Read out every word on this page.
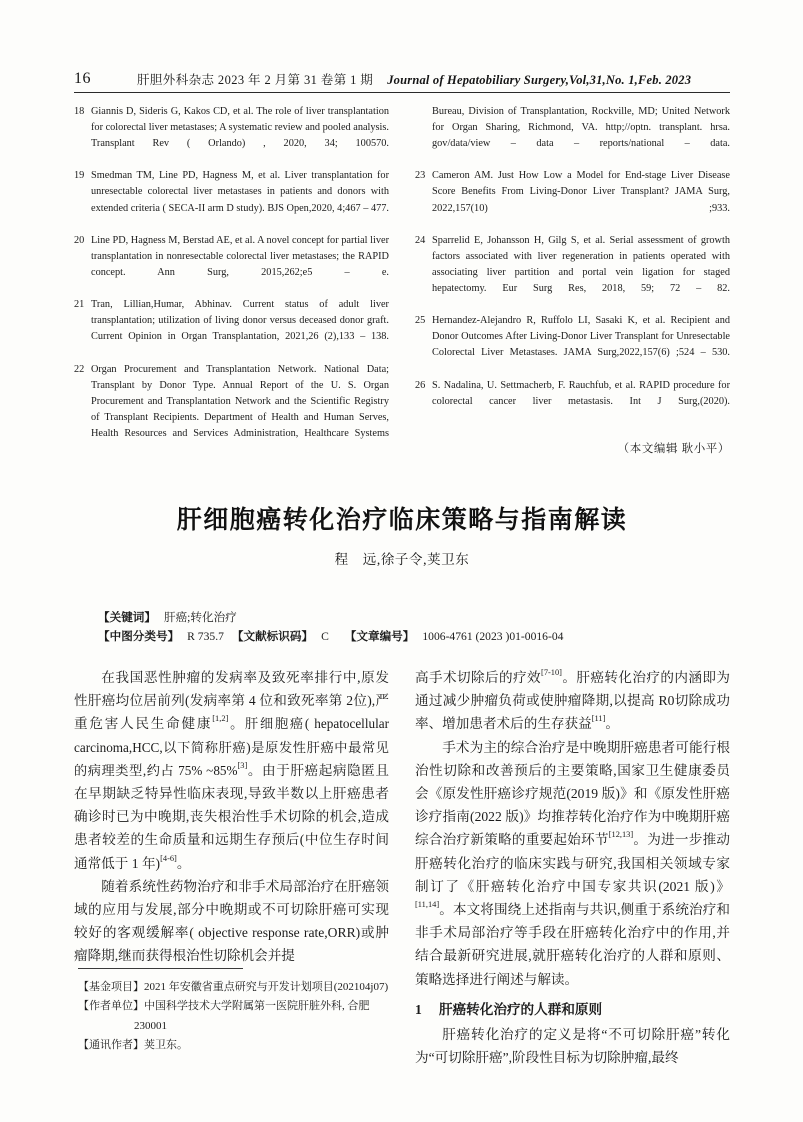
16	肝胆外科杂志 2023 年 2 月第 31 卷第 1 期 Journal of Hepatobiliary Surgery,Vol,31,No. 1,Feb. 2023
18 Giannis D, Sideris G, Kakos CD, et al. The role of liver transplantation for colorectal liver metastases; A systematic review and pooled analysis. Transplant Rev ( Orlando) , 2020, 34; 100570.
19 Smedman TM, Line PD, Hagness M, et al. Liver transplantation for unresectable colorectal liver metastases in patients and donors with extended criteria ( SECA-II arm D study). BJS Open,2020, 4;467 – 477.
20 Line PD, Hagness M, Berstad AE, et al. A novel concept for partial liver transplantation in nonresectable colorectal liver metastases; the RAPID concept. Ann Surg, 2015,262;e5 – e.
21 Tran, Lillian,Humar, Abhinav. Current status of adult liver transplantation; utilization of living donor versus deceased donor graft. Current Opinion in Organ Transplantation, 2021,26 (2),133 – 138.
22 Organ Procurement and Transplantation Network. National Data; Transplant by Donor Type. Annual Report of the U. S. Organ Procurement and Transplantation Network and the Scientific Registry of Transplant Recipients. Department of Health and Human Serves, Health Resources and Services Administration, Healthcare Systems
Bureau, Division of Transplantation, Rockville, MD; United Network for Organ Sharing, Richmond, VA. http;//optn. transplant. hrsa. gov/data/view – data – reports/national – data.
23 Cameron AM. Just How Low a Model for End-stage Liver Disease Score Benefits From Living-Donor Liver Transplant? JAMA Surg, 2022,157(10) ;933.
24 Sparrelid E, Johansson H, Gilg S, et al. Serial assessment of growth factors associated with liver regeneration in patients operated with associating liver partition and portal vein ligation for staged hepatectomy. Eur Surg Res, 2018, 59; 72 – 82.
25 Hernandez-Alejandro R, Ruffolo LI, Sasaki K, et al. Recipient and Donor Outcomes After Living-Donor Liver Transplant for Unresectable Colorectal Liver Metastases. JAMA Surg,2022,157(6) ;524 – 530.
26 S. Nadalina, U. Settmacherb, F. Rauchfub, et al. RAPID procedure for colorectal cancer liver metastasis. Int J Surg,(2020).
（本文编辑 耿小平）
肝细胞癌转化治疗临床策略与指南解读
程　远,徐子令,荚卫东
【关键词】 肝癌;转化治疗
【中图分类号】 R 735.7 【文献标识码】 C 【文章编号】 1006-4761 (2023 )01-0016-04

在我国恶性肿瘤的发病率及致死率排行中,原发性肝癌均位居前列(发病率第 4 位和致死率第 2位),严重危害人民生命健康[1,2]。肝细胞癌( hepatocellular carcinoma,HCC,以下简称肝癌)是原发性肝癌中最常见的病理类型,约占 75% ~85%[3]。由于肝癌起病隐匿且在早期缺乏特异性临床表现,导致半数以上肝癌患者确诊时已为中晚期,丧失根治性手术切除的机会,造成患者较差的生命质量和远期生存预后(中位生存时间通常低于 1 年)[4-6]。

随着系统性药物治疗和非手术局部治疗在肝癌领域的应用与发展,部分中晚期或不可切除肝癌可实现较好的客观缓解率( objective response rate,ORR)或肿瘤降期,继而获得根治性切除机会并提

高手术切除后的疗效[7-10]。肝癌转化治疗的内涵即为通过减少肿瘤负荷或使肿瘤降期,以提高 R0切除成功率、增加患者术后的生存获益[11]。

手术为主的综合治疗是中晚期肝癌患者可能行根治性切除和改善预后的主要策略,国家卫生健康委员会《原发性肝癌诊疗规范(2019 版)》和《原发性肝癌诊疗指南(2022 版)》均推荐转化治疗作为中晚期肝癌综合治疗新策略的重要起始环节[12,13]。为进一步推动肝癌转化治疗的临床实践与研究,我国相关领域专家制订了《肝癌转化治疗中国专家共识(2021 版)》[11,14]。本文将围绕上述指南与共识,侧重于系统治疗和非手术局部治疗等手段在肝癌转化治疗中的作用,并结合最新研究进展,就肝癌转化治疗的人群和原则、策略选择进行阐述与解读。

1 肝癌转化治疗的人群和原则

肝癌转化治疗的定义是将“不可切除肝癌”转化为“可切除肝癌”,阶段性目标为切除肿瘤,最终

【基金项目】2021 年安徽省重点研究与开发计划项目(202104j07)
【作者单位】中国科学技术大学附属第一医院肝脏外科, 合肥
230001
【通讯作者】荚卫东。
